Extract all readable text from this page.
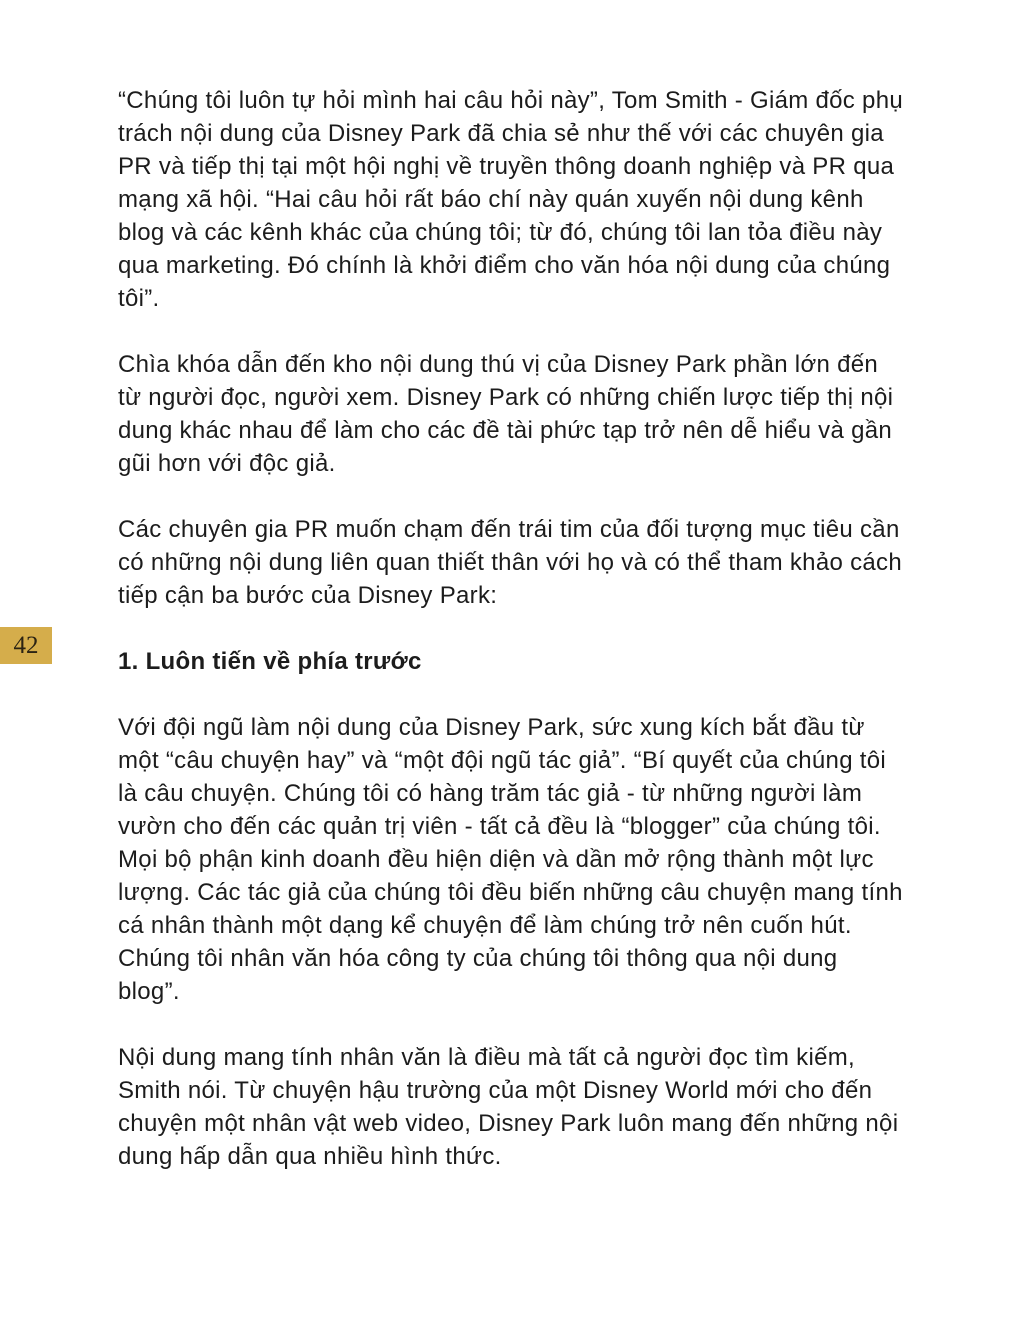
42

“Chúng tôi luôn tự hỏi mình hai câu hỏi này”, Tom Smith - Giám đốc phụ trách nội dung của Disney Park đã chia sẻ như thế với các chuyên gia PR và tiếp thị tại một hội nghị về truyền thông doanh nghiệp và PR qua mạng xã hội. “Hai câu hỏi rất báo chí này quán xuyến nội dung kênh blog và các kênh khác của chúng tôi; từ đó, chúng tôi lan tỏa điều này qua marketing. Đó chính là khởi điểm cho văn hóa nội dung của chúng tôi”.

Chìa khóa dẫn đến kho nội dung thú vị của Disney Park phần lớn đến từ người đọc, người xem. Disney Park có những chiến lược tiếp thị nội dung khác nhau để làm cho các đề tài phức tạp trở nên dễ hiểu và gần gũi hơn với độc giả.

Các chuyên gia PR muốn chạm đến trái tim của đối tượng mục tiêu cần có những nội dung liên quan thiết thân với họ và có thể tham khảo cách tiếp cận ba bước của Disney Park:

1. Luôn tiến về phía trước

Với đội ngũ làm nội dung của Disney Park, sức xung kích bắt đầu từ một “câu chuyện hay” và “một đội ngũ tác giả”. “Bí quyết của chúng tôi là câu chuyện. Chúng tôi có hàng trăm tác giả - từ những người làm vườn cho đến các quản trị viên - tất cả đều là “blogger” của chúng tôi. Mọi bộ phận kinh doanh đều hiện diện và dần mở rộng thành một lực lượng. Các tác giả của chúng tôi đều biến những câu chuyện mang tính cá nhân thành một dạng kể chuyện để làm chúng trở nên cuốn hút. Chúng tôi nhân văn hóa công ty của chúng tôi thông qua nội dung blog”.

Nội dung mang tính nhân văn là điều mà tất cả người đọc tìm kiếm, Smith nói. Từ chuyện hậu trường của một Disney World mới cho đến chuyện một nhân vật web video, Disney Park luôn mang đến những nội dung hấp dẫn qua nhiều hình thức.
